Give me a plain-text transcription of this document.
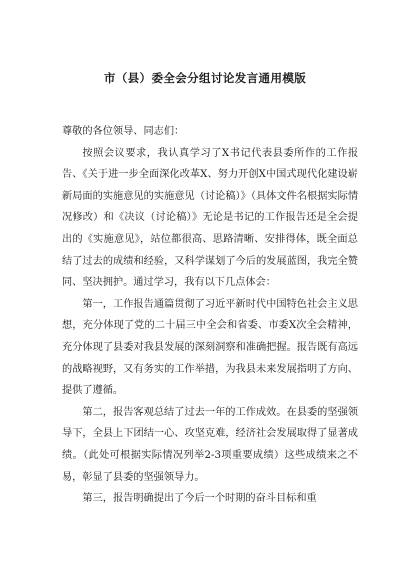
市（县）委全会分组讨论发言通用模版

尊敬的各位领导、同志们：

按照会议要求，我认真学习了X书记代表县委所作的工作报告、《关于进一步全面深化改革X、努力开创X中国式现代化建设崭新局面的实施意见的实施意见（讨论稿）》（具体文件名根据实际情况修改）和《决议（讨论稿）》无论是书记的工作报告还是全会提出的《实施意见》，站位都很高、思路清晰、安排得体，既全面总结了过去的成绩和经验，又科学谋划了今后的发展蓝图，我完全赞同、坚决拥护。通过学习，我有以下几点体会：

第一，工作报告通篇贯彻了习近平新时代中国特色社会主义思想，充分体现了党的二十届三中全会和省委、市委X次全会精神，充分体现了县委对我县发展的深刻洞察和准确把握。报告既有高远的战略视野，又有务实的工作举措，为我县未来发展指明了方向、提供了遵循。

第二，报告客观总结了过去一年的工作成效。在县委的坚强领导下，全县上下团结一心、攻坚克难，经济社会发展取得了显著成绩。（此处可根据实际情况列举2-3项重要成绩）这些成绩来之不易，彰显了县委的坚强领导力。

第三，报告明确提出了今后一个时期的奋斗目标和重
